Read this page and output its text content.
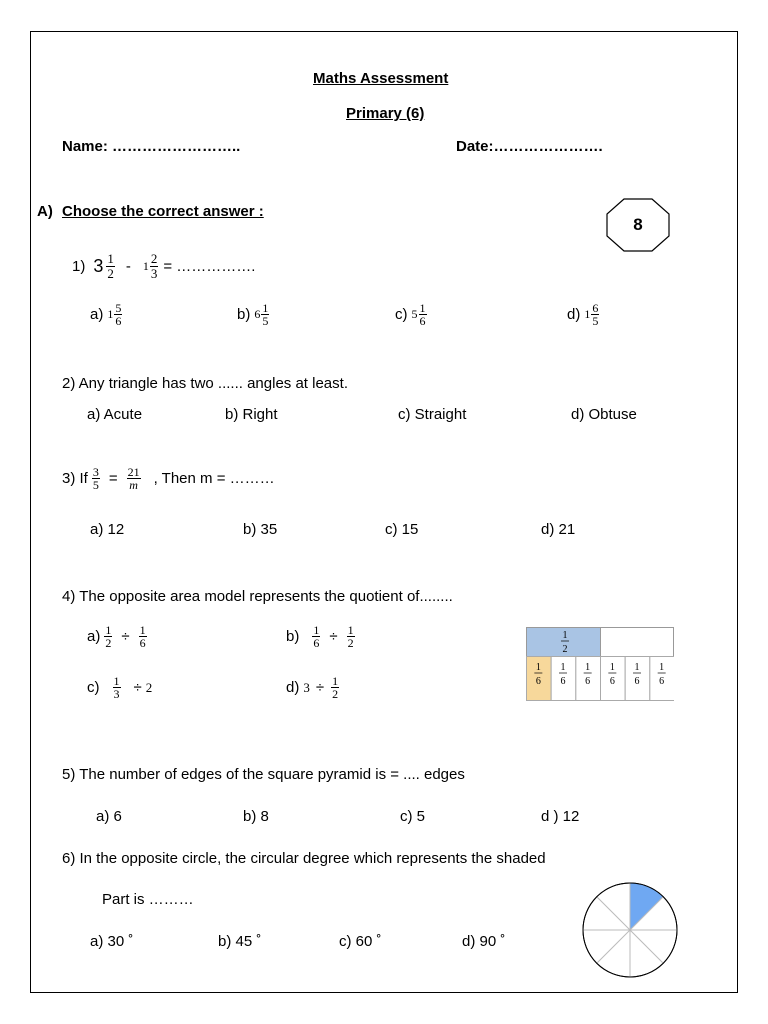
Maths Assessment
Primary (6)
Name: ……………………..	Date:………………….
A) Choose the correct answer :
8
1) $3 \frac{1}{2} - 1 \frac{2}{3}$ = …………….
a) $1 \frac{5}{6}$	b) $6 \frac{1}{5}$	c) $5 \frac{1}{6}$	d) $1 \frac{6}{5}$
2) Any triangle has two ...... angles at least.
a) Acute	b) Right	c) Straight	d) Obtuse
3) If $\frac{3}{5} = \frac{21}{m}$ , Then m = ………
a) 12	b) 35	c) 15	d) 21
4) The opposite area model represents the quotient of........
$a) \frac{1}{2} \div \frac{1}{6}$	$b) \frac{1}{6} \div \frac{1}{2}$
$c) \frac{1}{3} \div 2$	d) $3 \div \frac{1}{2}$
1
6
1
6
1
6
1
6
1
6
1
6
1
2
5) The number of edges of the square pyramid is = .... edges
a) 6	b) 8	c) 5	d ) 12
6) In the opposite circle, the circular degree which represents the shaded
Part is ………
a) 30 ˚	b) 45 ˚	c) 60 ˚	d) 90 ˚
